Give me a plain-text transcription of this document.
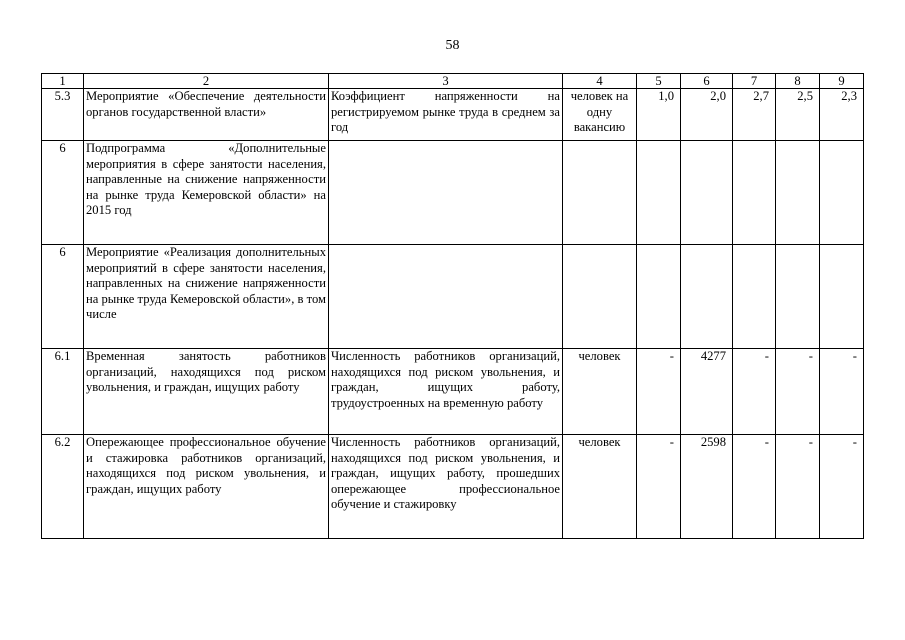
58
1	2	3	4	5	6	7	8	9
5.3	Мероприятие «Обеспечение деятельности органов государственной власти»	Коэффициент напряженности на регистрируемом рынке труда в среднем за год	человек на одну вакансию	1,0	2,0	2,7	2,5	2,3
6	Подпрограмма «Дополнительные мероприятия в сфере занятости населения, направленные на снижение напряженности на рынке труда Кемеровской области» на 2015 год							
6	Мероприятие «Реализация дополнительных мероприятий в сфере занятости населения, направленных на снижение напряженности на рынке труда Кемеровской области», в том числе							
6.1	Временная занятость работников организаций, находящихся под риском увольнения, и граждан, ищущих работу	Численность работников организаций, находящихся под риском увольнения, и граждан, ищущих работу, трудоустроенных на временную работу	человек	-	4277	-	-	-
6.2	Опережающее профессиональное обучение и стажировка работников организаций, находящихся под риском увольнения, и граждан, ищущих работу	Численность работников организаций, находящихся под риском увольнения, и граждан, ищущих работу, прошедших опережающее профессиональное обучение и стажировку	человек	-	2598	-	-	-
